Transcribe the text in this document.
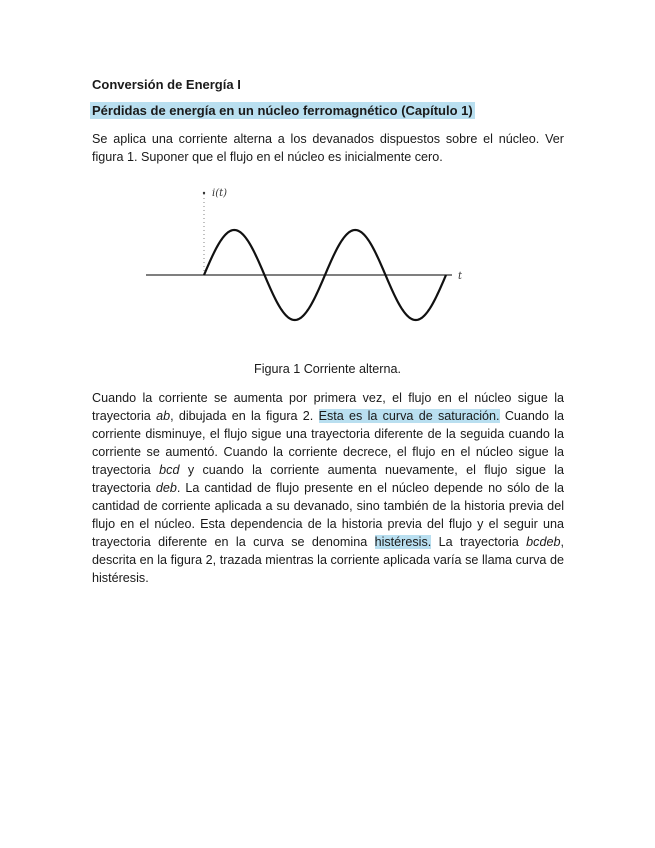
Conversión de Energía I
Pérdidas de energía en un núcleo ferromagnético (Capítulo 1)
Se aplica una corriente alterna a los devanados dispuestos sobre el núcleo. Ver figura 1. Suponer que el flujo en el núcleo es inicialmente cero.
i(t)
t
Figura 1 Corriente alterna.
Cuando la corriente se aumenta por primera vez, el flujo en el núcleo sigue la trayectoria ab, dibujada en la figura 2. Esta es la curva de saturación. Cuando la corriente disminuye, el flujo sigue una trayectoria diferente de la seguida cuando la corriente se aumentó. Cuando la corriente decrece, el flujo en el núcleo sigue la trayectoria bcd y cuando la corriente aumenta nuevamente, el flujo sigue la trayectoria deb. La cantidad de flujo presente en el núcleo depende no sólo de la cantidad de corriente aplicada a su devanado, sino también de la historia previa del flujo en el núcleo. Esta dependencia de la historia previa del flujo y el seguir una trayectoria diferente en la curva se denomina histéresis. La trayectoria bcdeb, descrita en la figura 2, trazada mientras la corriente aplicada varía se llama curva de histéresis.
